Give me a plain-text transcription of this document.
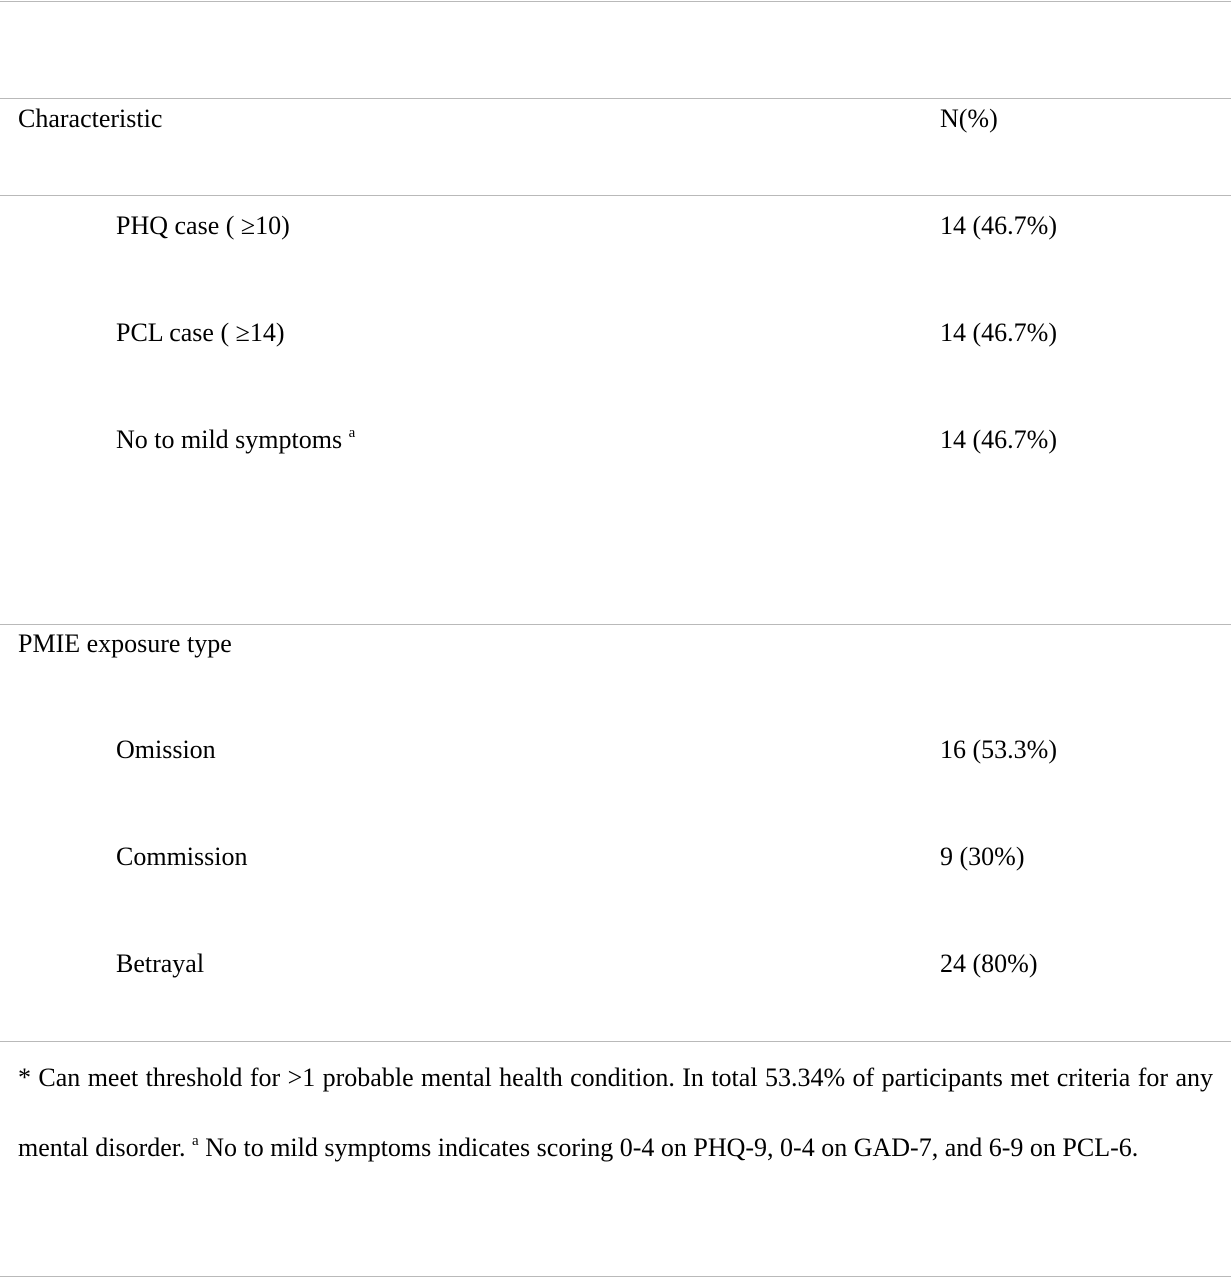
Characteristic	N(%)
PHQ case ( ≥10)	14 (46.7%)
PCL case ( ≥14)	14 (46.7%)
No to mild symptoms $^a$	14 (46.7%)
PMIE exposure type
Omission	16 (53.3%)
Commission	9 (30%)
Betrayal	24 (80%)
* Can meet threshold for >1 probable mental health condition. In total 53.34% of participants met criteria for any mental disorder. $^a$ No to mild symptoms indicates scoring 0-4 on PHQ-9, 0-4 on GAD-7, and 6-9 on PCL-6.
